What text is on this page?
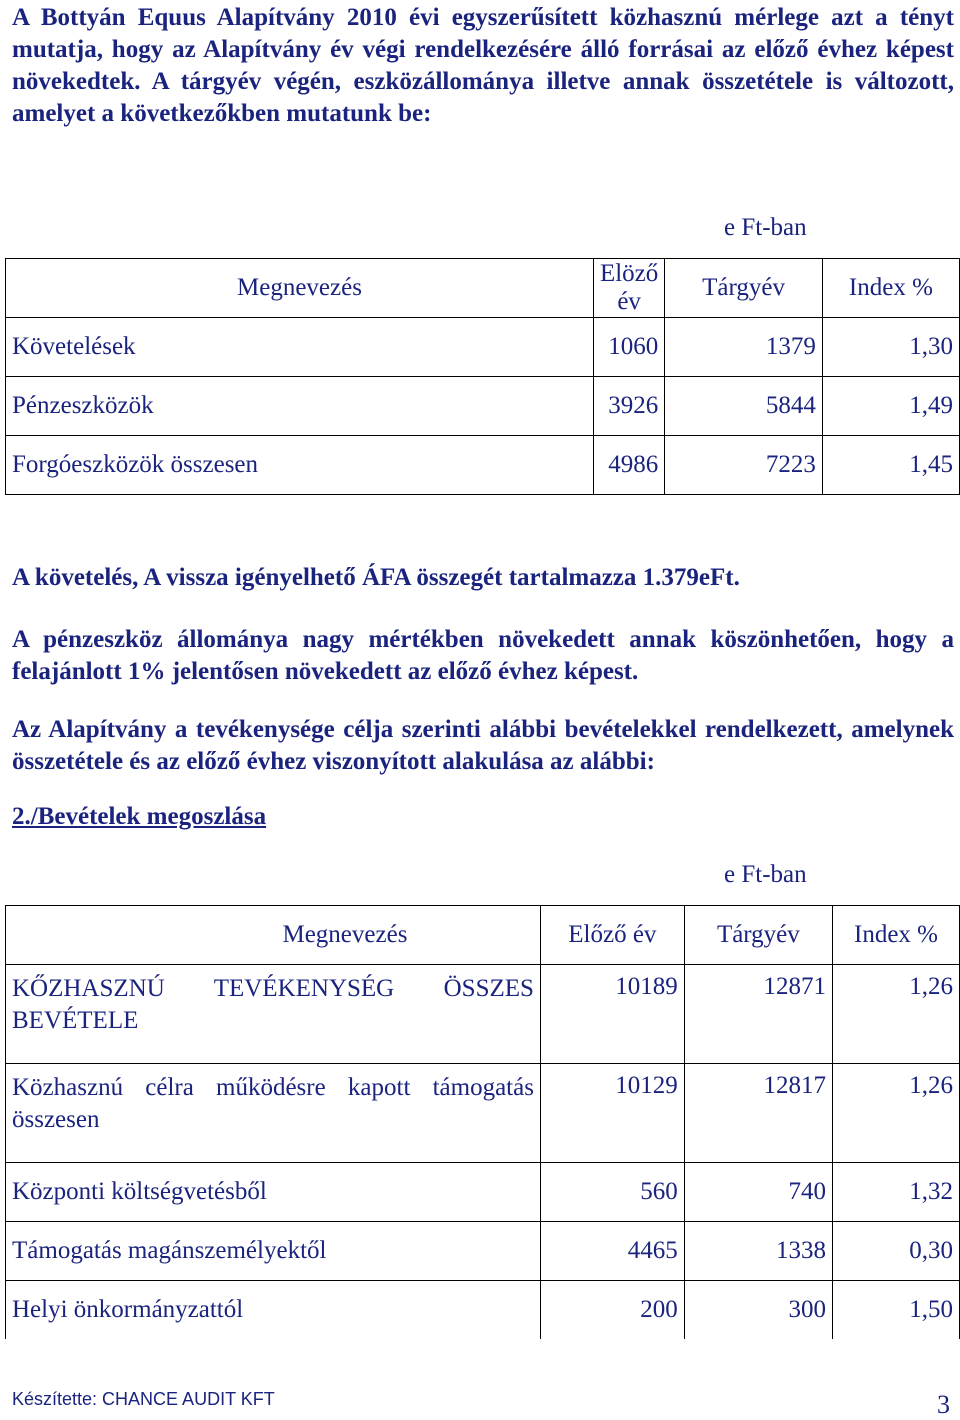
A Bottyán Equus Alapítvány 2010 évi egyszerűsített közhasznú mérlege azt a tényt mutatja, hogy az Alapítvány év végi rendelkezésére álló forrásai az előző évhez képest növekedtek. A tárgyév végén, eszközállománya illetve annak összetétele is változott, amelyet a következőkben mutatunk be:
e Ft-ban
Megnevezés	Elöző év	Tárgyév	Index %
Követelések	1060	1379	1,30
Pénzeszközök	3926	5844	1,49
Forgóeszközök összesen	4986	7223	1,45
A követelés, A vissza igényelhető ÁFA összegét tartalmazza 1.379eFt.
A pénzeszköz állománya nagy mértékben növekedett annak köszönhetően, hogy a felajánlott 1% jelentősen növekedett az előző évhez képest.
Az Alapítvány a tevékenysége célja szerinti alábbi bevételekkel rendelkezett, amelynek összetétele és az előző évhez viszonyított alakulása az alábbi:
2./Bevételek megoszlása
e Ft-ban
Megnevezés	Előző év	Tárgyév	Index %
KŐZHASZNÚ TEVÉKENYSÉG ÖSSZES BEVÉTELE	10189	12871	1,26
Közhasznú célra működésre kapott támogatás összesen	10129	12817	1,26
Központi költségvetésből	560	740	1,32
Támogatás magánszemélyektől	4465	1338	0,30
Helyi önkormányzattól	200	300	1,50
Készítette: CHANCE AUDIT KFT	3
